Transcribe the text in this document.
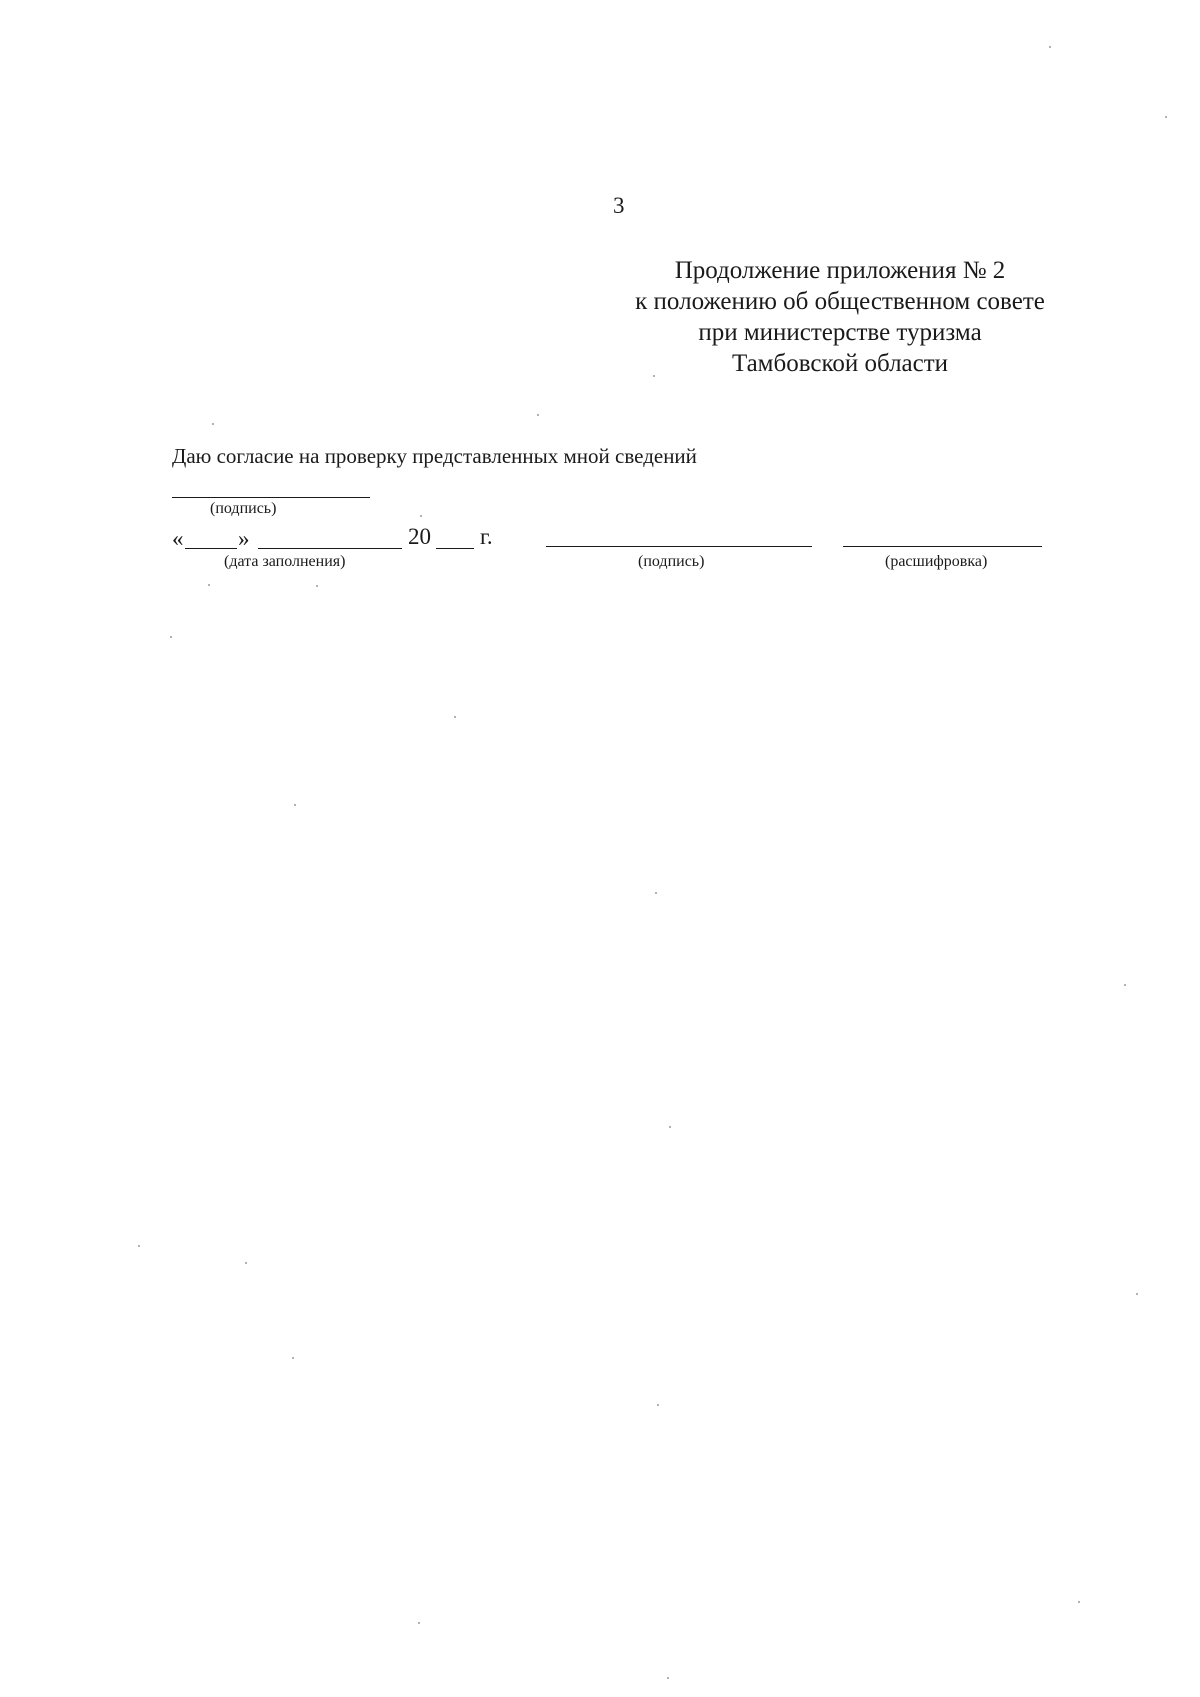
3
Продолжение приложения № 2
к положению об общественном совете
при министерстве туризма
Тамбовской области
Даю согласие на проверку представленных мной сведений
(подпись)
« »	20 г.
(дата заполнения)	(подпись)	(расшифровка)
